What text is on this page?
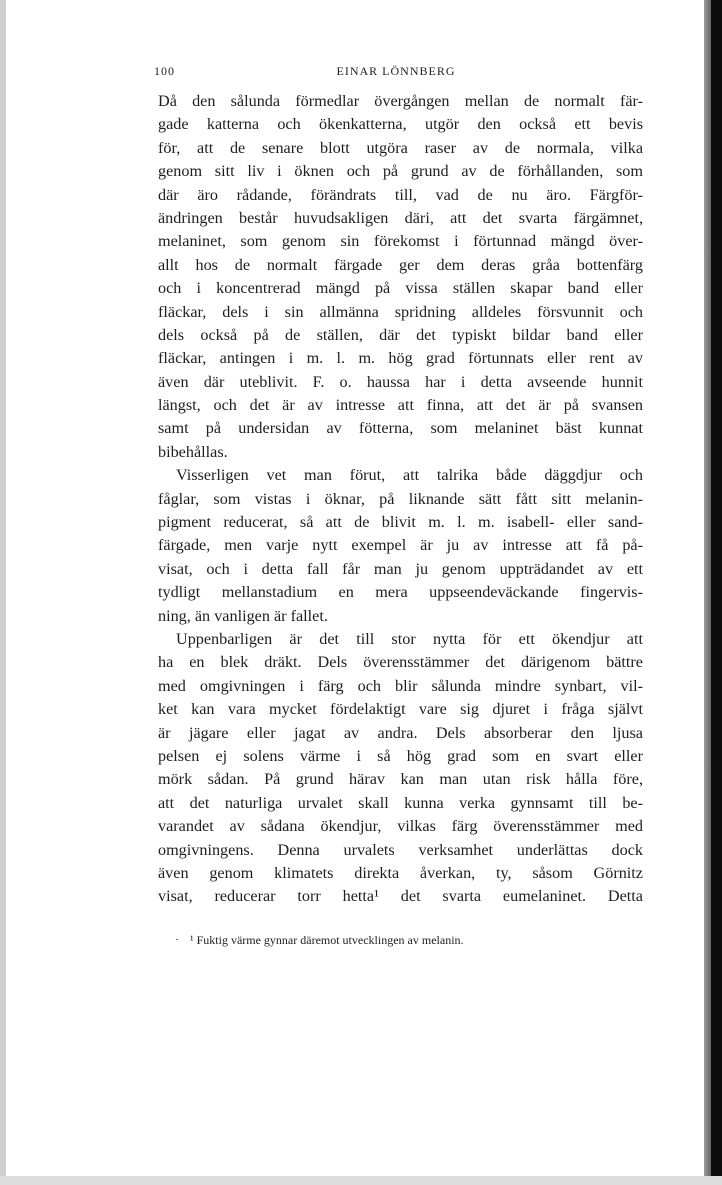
100	EINAR LÖNNBERG
Då den sålunda förmedlar övergången mellan de normalt fär-
gade katterna och ökenkatterna, utgör den också ett bevis
för, att de senare blott utgöra raser av de normala, vilka
genom sitt liv i öknen och på grund av de förhållanden, som
där äro rådande, förändrats till, vad de nu äro. Färgför-
ändringen består huvudsakligen däri, att det svarta färgämnet,
melaninet, som genom sin förekomst i förtunnad mängd över-
allt hos de normalt färgade ger dem deras gråa bottenfärg
och i koncentrerad mängd på vissa ställen skapar band eller
fläckar, dels i sin allmänna spridning alldeles försvunnit och
dels också på de ställen, där det typiskt bildar band eller
fläckar, antingen i m. l. m. hög grad förtunnats eller rent av
även där uteblivit. F. o. haussa har i detta avseende hunnit
längst, och det är av intresse att finna, att det är på svansen
samt på undersidan av fötterna, som melaninet bäst kunnat
bibehållas.
Visserligen vet man förut, att talrika både däggdjur och
fåglar, som vistas i öknar, på liknande sätt fått sitt melanin-
pigment reducerat, så att de blivit m. l. m. isabell- eller sand-
färgade, men varje nytt exempel är ju av intresse att få på-
visat, och i detta fall får man ju genom uppträdandet av ett
tydligt mellanstadium en mera uppseendeväckande fingervis-
ning, än vanligen är fallet.
Uppenbarligen är det till stor nytta för ett ökendjur att
ha en blek dräkt. Dels överensstämmer det därigenom bättre
med omgivningen i färg och blir sålunda mindre synbart, vil-
ket kan vara mycket fördelaktigt vare sig djuret i fråga självt
är jägare eller jagat av andra. Dels absorberar den ljusa
pelsen ej solens värme i så hög grad som en svart eller
mörk sådan. På grund härav kan man utan risk hålla före,
att det naturliga urvalet skall kunna verka gynnsamt till be-
varandet av sådana ökendjur, vilkas färg överensstämmer med
omgivningens. Denna urvalets verksamhet underlättas dock
även genom klimatets direkta åverkan, ty, såsom Görnitz
visat, reducerar torr hetta¹ det svarta eumelaninet. Detta
¹ Fuktig värme gynnar däremot utvecklingen av melanin.
